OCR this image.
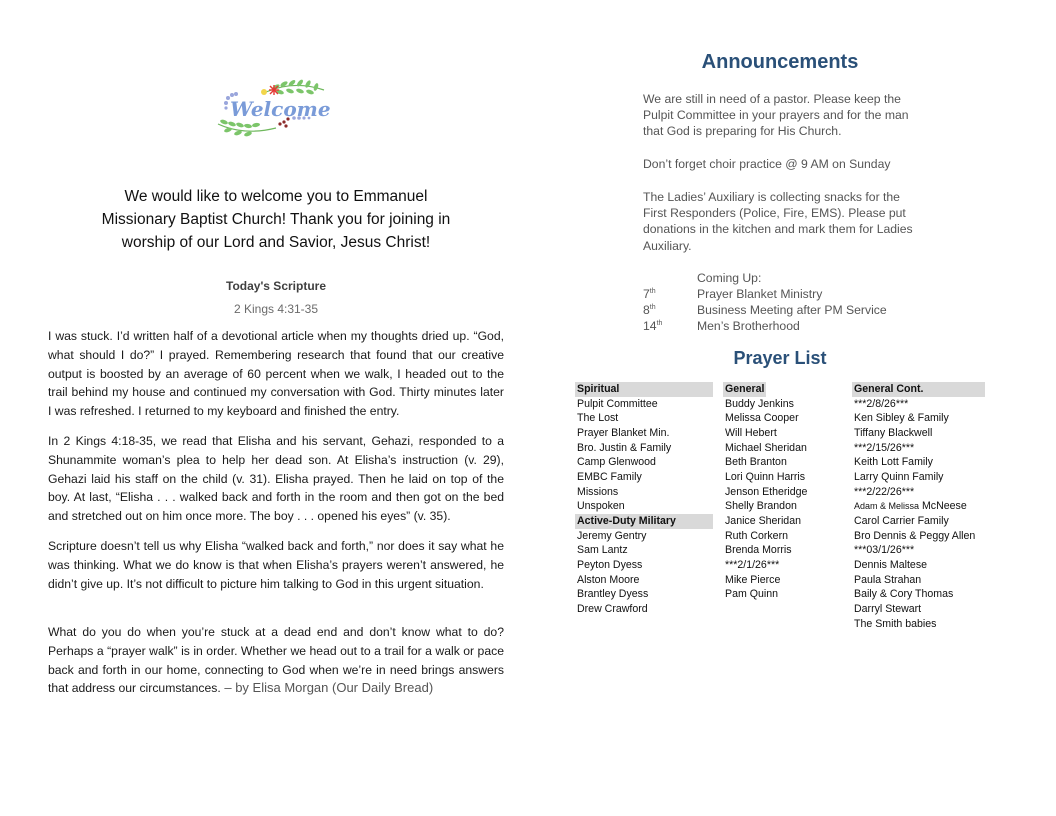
Welcome
We would like to welcome you to Emmanuel Missionary Baptist Church! Thank you for joining in worship of our Lord and Savior, Jesus Christ!
Today's Scripture
2 Kings 4:31-35

I was stuck. I’d written half of a devotional article when my thoughts dried up. “God, what should I do?” I prayed. Remembering research that found that our creative output is boosted by an average of 60 percent when we walk, I headed out to the trail behind my house and continued my conversation with God. Thirty minutes later I was refreshed. I returned to my keyboard and finished the entry.

In 2 Kings 4:18-35, we read that Elisha and his servant, Gehazi, responded to a Shunammite woman’s plea to help her dead son. At Elisha’s instruction (v. 29), Gehazi laid his staff on the child (v. 31). Elisha prayed. Then he laid on top of the boy. At last, “Elisha . . . walked back and forth in the room and then got on the bed and stretched out on him once more. The boy . . . opened his eyes” (v. 35).

Scripture doesn’t tell us why Elisha “walked back and forth,” nor does it say what he was thinking. What we do know is that when Elisha’s prayers weren’t answered, he didn’t give up. It’s not difficult to picture him talking to God in this urgent situation.

What do you do when you’re stuck at a dead end and don’t know what to do? Perhaps a “prayer walk” is in order. Whether we head out to a trail for a walk or pace back and forth in our home, connecting to God when we’re in need brings answers that address our circumstances. – by Elisa Morgan (Our Daily Bread)

Announcements
We are still in need of a pastor. Please keep the Pulpit Committee in your prayers and for the man that God is preparing for His Church.
Don’t forget choir practice @ 9 AM on Sunday
The Ladies’ Auxiliary is collecting snacks for the First Responders (Police, Fire, EMS). Please put donations in the kitchen and mark them for Ladies Auxiliary.
Coming Up:
7th	Prayer Blanket Ministry
8th	Business Meeting after PM Service
14th	Men’s Brotherhood
Prayer List
Spiritual
Pulpit Committee
The Lost
Prayer Blanket Min.
Bro. Justin & Family
Camp Glenwood
EMBC Family
Missions
Unspoken
Active-Duty Military
Jeremy Gentry
Sam Lantz
Peyton Dyess
Alston Moore
Brantley Dyess
Drew Crawford
General
Buddy Jenkins
Melissa Cooper
Will Hebert
Michael Sheridan
Beth Branton
Lori Quinn Harris
Jenson Etheridge
Shelly Brandon
Janice Sheridan
Ruth Corkern
Brenda Morris
***2/1/26***
Mike Pierce
Pam Quinn
General Cont.
***2/8/26***
Ken Sibley & Family
Tiffany Blackwell
***2/15/26***
Keith Lott Family
Larry Quinn Family
***2/22/26***
Adam & Melissa McNeese
Carol Carrier Family
Bro Dennis & Peggy Allen
***03/1/26***
Dennis Maltese
Paula Strahan
Baily & Cory Thomas
Darryl Stewart
The Smith babies
